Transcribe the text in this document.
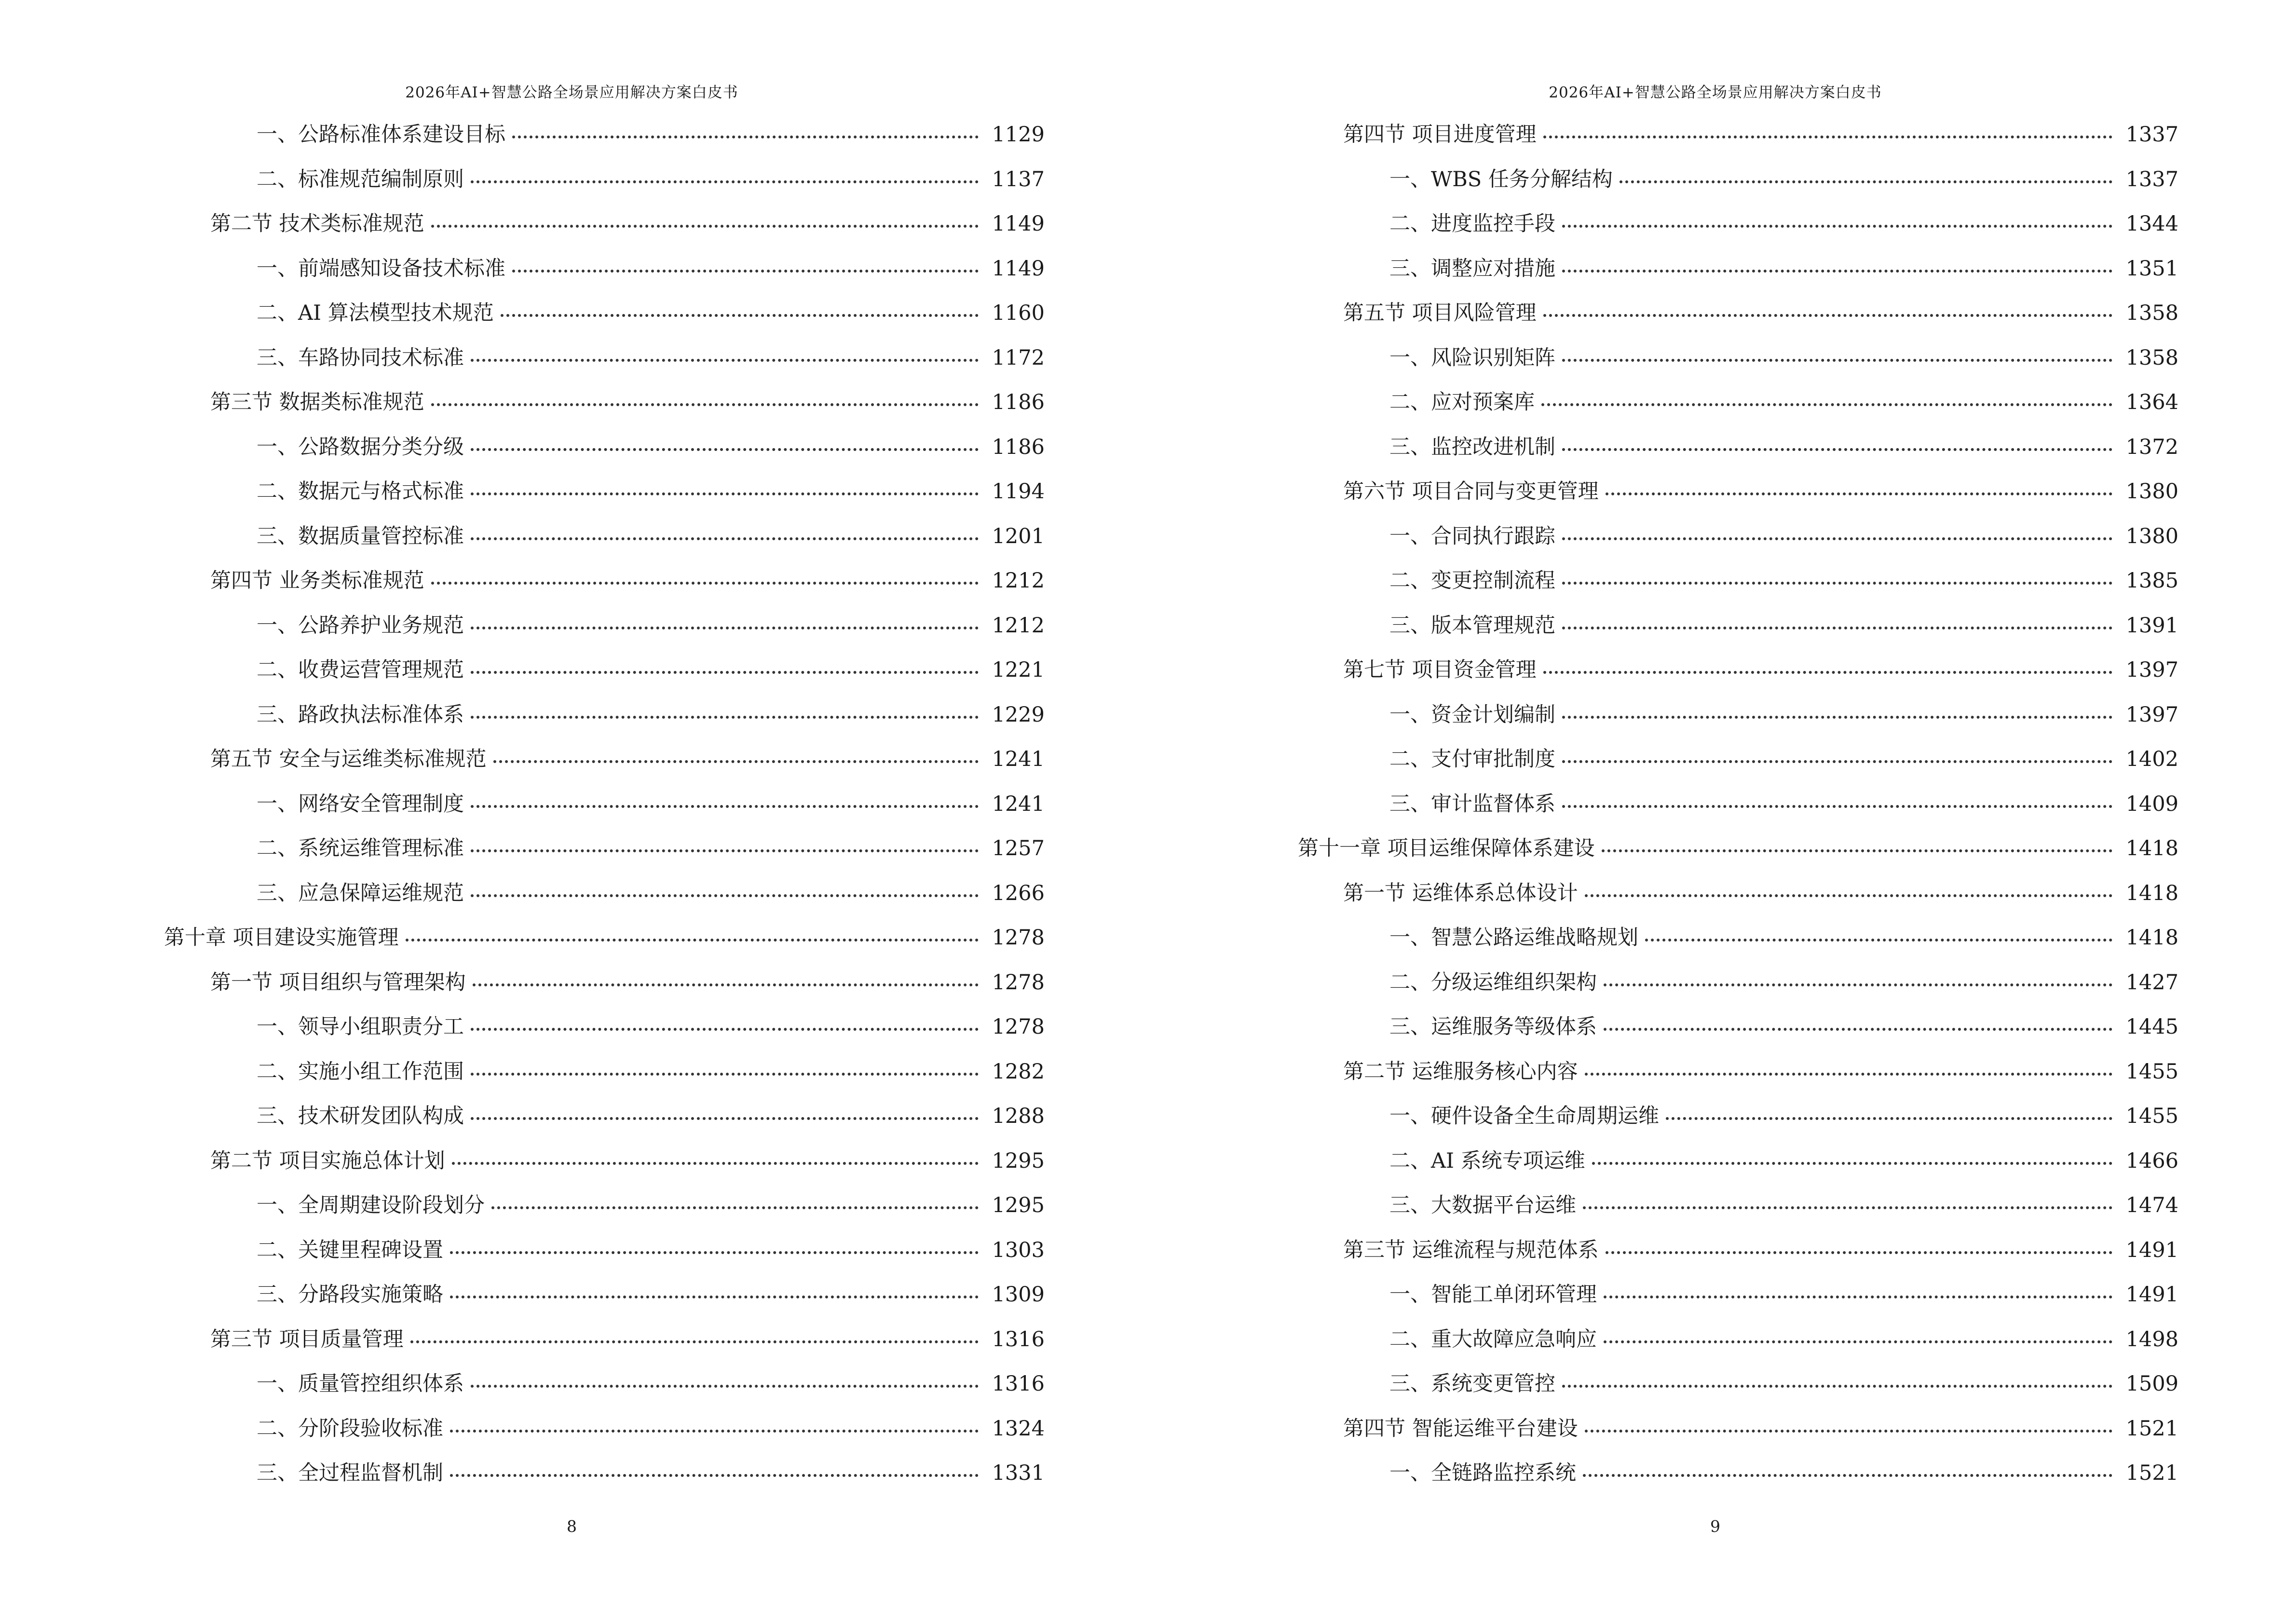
2026年AI+智慧公路全场景应用解决方案白皮书
一、公路标准体系建设目标	1129
二、标准规范编制原则	1137
第二节 技术类标准规范	1149
一、前端感知设备技术标准	1149
二、AI 算法模型技术规范	1160
三、车路协同技术标准	1172
第三节 数据类标准规范	1186
一、公路数据分类分级	1186
二、数据元与格式标准	1194
三、数据质量管控标准	1201
第四节 业务类标准规范	1212
一、公路养护业务规范	1212
二、收费运营管理规范	1221
三、路政执法标准体系	1229
第五节 安全与运维类标准规范	1241
一、网络安全管理制度	1241
二、系统运维管理标准	1257
三、应急保障运维规范	1266
第十章 项目建设实施管理	1278
第一节 项目组织与管理架构	1278
一、领导小组职责分工	1278
二、实施小组工作范围	1282
三、技术研发团队构成	1288
第二节 项目实施总体计划	1295
一、全周期建设阶段划分	1295
二、关键里程碑设置	1303
三、分路段实施策略	1309
第三节 项目质量管理	1316
一、质量管控组织体系	1316
二、分阶段验收标准	1324
三、全过程监督机制	1331
8
2026年AI+智慧公路全场景应用解决方案白皮书
第四节 项目进度管理	1337
一、WBS 任务分解结构	1337
二、进度监控手段	1344
三、调整应对措施	1351
第五节 项目风险管理	1358
一、风险识别矩阵	1358
二、应对预案库	1364
三、监控改进机制	1372
第六节 项目合同与变更管理	1380
一、合同执行跟踪	1380
二、变更控制流程	1385
三、版本管理规范	1391
第七节 项目资金管理	1397
一、资金计划编制	1397
二、支付审批制度	1402
三、审计监督体系	1409
第十一章 项目运维保障体系建设	1418
第一节 运维体系总体设计	1418
一、智慧公路运维战略规划	1418
二、分级运维组织架构	1427
三、运维服务等级体系	1445
第二节 运维服务核心内容	1455
一、硬件设备全生命周期运维	1455
二、AI 系统专项运维	1466
三、大数据平台运维	1474
第三节 运维流程与规范体系	1491
一、智能工单闭环管理	1491
二、重大故障应急响应	1498
三、系统变更管控	1509
第四节 智能运维平台建设	1521
一、全链路监控系统	1521
9
